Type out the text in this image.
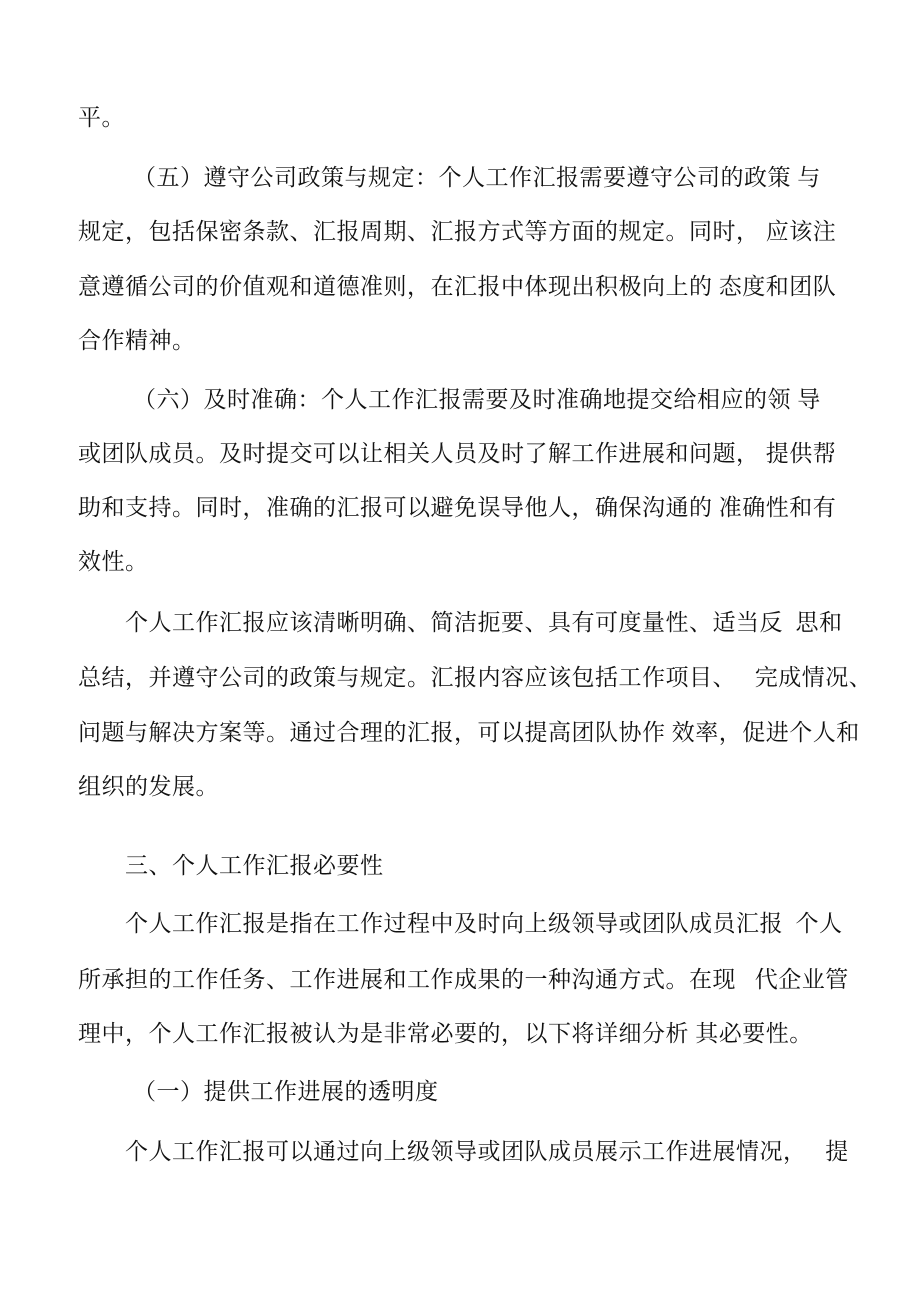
平。
（五）遵守公司政策与规定：个人工作汇报需要遵守公司的政策 与
规定，包括保密条款、汇报周期、汇报方式等方面的规定。同时， 应该注
意遵循公司的价值观和道德准则，在汇报中体现出积极向上的 态度和团队
合作精神。
（六）及时准确：个人工作汇报需要及时准确地提交给相应的领 导
或团队成员。及时提交可以让相关人员及时了解工作进展和问题， 提供帮
助和支持。同时，准确的汇报可以避免误导他人，确保沟通的 准确性和有
效性。
个人工作汇报应该清晰明确、简洁扼要、具有可度量性、适当反  思和
总结，并遵守公司的政策与规定。汇报内容应该包括工作项目、   完成情况、
问题与解决方案等。通过合理的汇报，可以提高团队协作 效率，促进个人和
组织的发展。
三、个人工作汇报必要性
个人工作汇报是指在工作过程中及时向上级领导或团队成员汇报  个人
所承担的工作任务、工作进展和工作成果的一种沟通方式。在现   代企业管
理中，个人工作汇报被认为是非常必要的，以下将详细分析 其必要性。
（一）提供工作进展的透明度
个人工作汇报可以通过向上级领导或团队成员展示工作进展情况，   提
